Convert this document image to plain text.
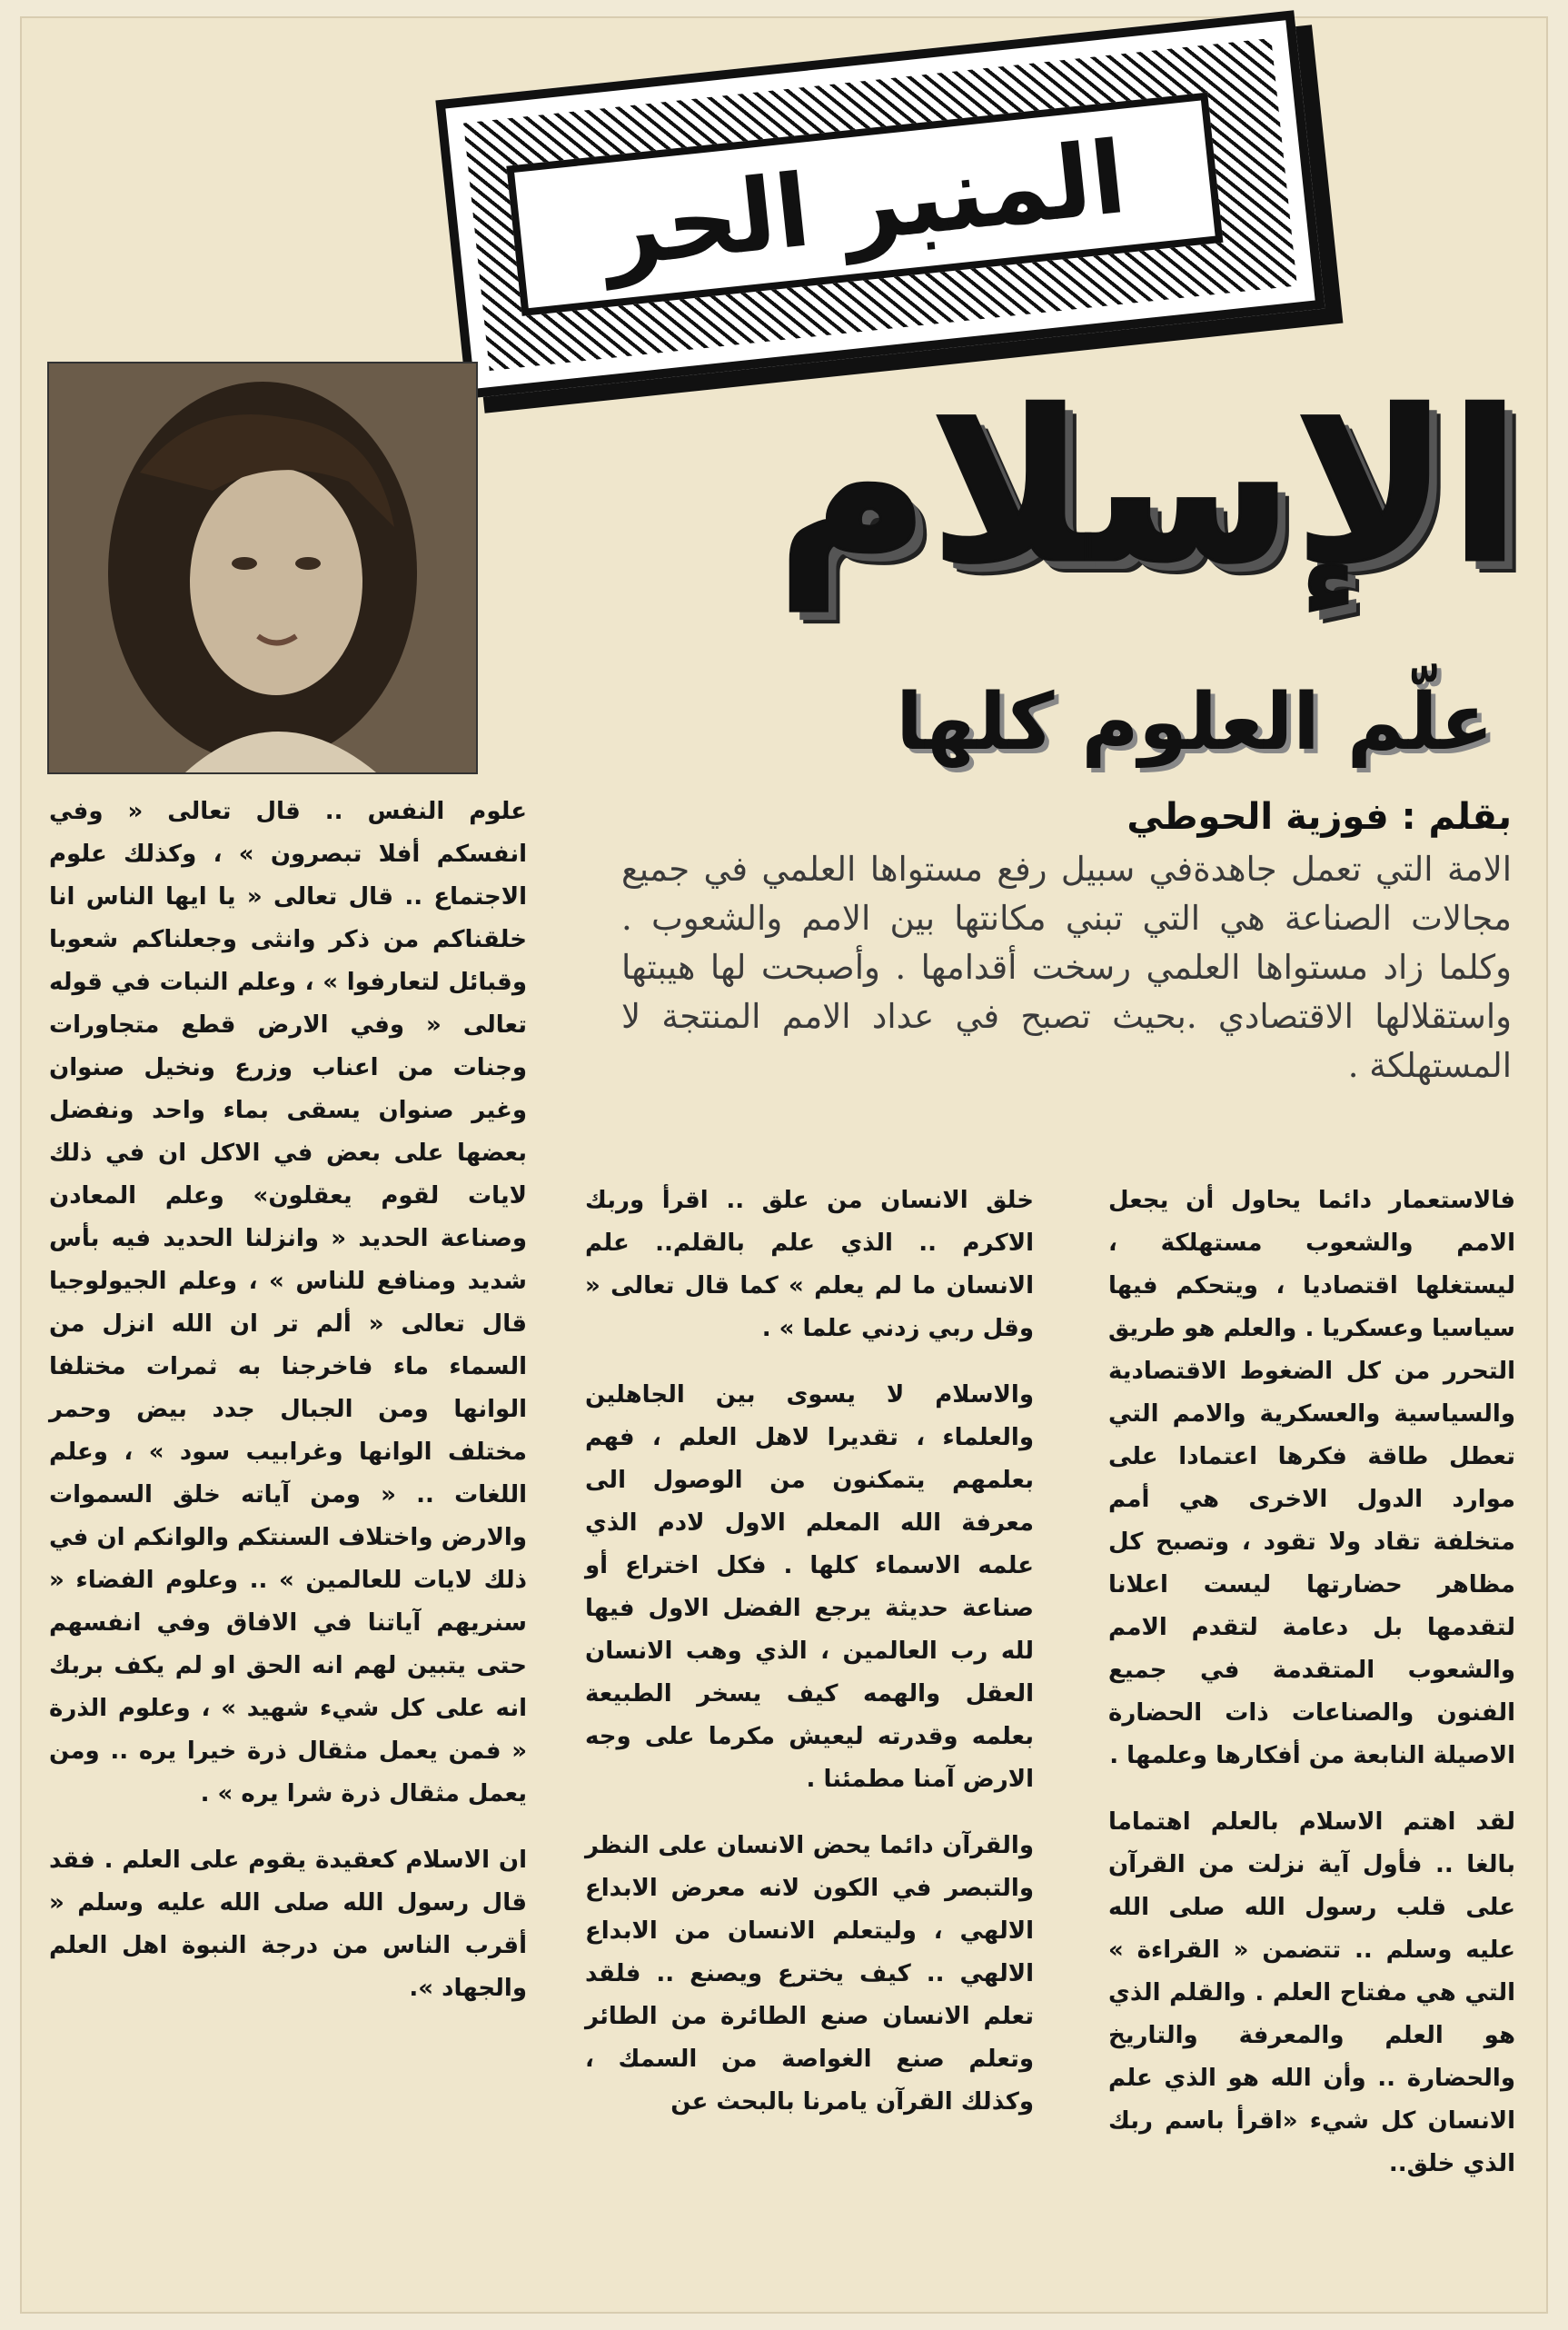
المنبر الحر
الإسلام
علّم العلوم كلها
بقلم : فوزية الحوطي
الامة التي تعمل جاهدةفي سبيل رفع مستواها العلمي في جميع مجالات الصناعة هي التي تبني مكانتها بين الامم والشعوب . وكلما زاد مستواها العلمي رسخت أقدامها . وأصبحت لها هيبتها واستقلالها الاقتصادي .بحيث تصبح في عداد الامم المنتجة لا المستهلكة .

فالاستعمار دائما يحاول أن يجعل الامم والشعوب مستهلكة ، ليستغلها اقتصاديا ، ويتحكم فيها سياسيا وعسكريا . والعلم هو طريق التحرر من كل الضغوط الاقتصادية والسياسية والعسكرية والامم التي تعطل طاقة فكرها اعتمادا على موارد الدول الاخرى هي أمم متخلفة تقاد ولا تقود ، وتصبح كل مظاهر حضارتها ليست اعلانا لتقدمها بل دعامة لتقدم الامم والشعوب المتقدمة في جميع الفنون والصناعات ذات الحضارة الاصيلة النابعة من أفكارها وعلمها .

لقد اهتم الاسلام بالعلم اهتماما بالغا .. فأول آية نزلت من القرآن على قلب رسول الله صلى الله عليه وسلم .. تتضمن « القراءة » التي هي مفتاح العلم . والقلم الذي هو العلم والمعرفة والتاريخ والحضارة .. وأن الله هو الذي علم الانسان كل شيء «اقرأ باسم ربك الذي خلق..

خلق الانسان من علق .. اقرأ وربك الاكرم .. الذي علم بالقلم.. علم الانسان ما لم يعلم » كما قال تعالى « وقل ربي زدني علما » .

والاسلام لا يسوى بين الجاهلين والعلماء ، تقديرا لاهل العلم ، فهم بعلمهم يتمكنون من الوصول الى معرفة الله المعلم الاول لادم الذي علمه الاسماء كلها . فكل اختراع أو صناعة حديثة يرجع الفضل الاول فيها لله رب العالمين ، الذي وهب الانسان العقل والهمه كيف يسخر الطبيعة بعلمه وقدرته ليعيش مكرما على وجه الارض آمنا مطمئنا .

والقرآن دائما يحض الانسان على النظر والتبصر في الكون لانه معرض الابداع الالهي ، وليتعلم الانسان من الابداع الالهي .. كيف يخترع ويصنع .. فلقد تعلم الانسان صنع الطائرة من الطائر وتعلم صنع الغواصة من السمك ، وكذلك القرآن يامرنا بالبحث عن

علوم النفس .. قال تعالى « وفي انفسكم أفلا تبصرون » ، وكذلك علوم الاجتماع .. قال تعالى « يا ايها الناس انا خلقناكم من ذكر وانثى وجعلناكم شعوبا وقبائل لتعارفوا » ، وعلم النبات في قوله تعالى « وفي الارض قطع متجاورات وجنات من اعناب وزرع ونخيل صنوان وغير صنوان يسقى بماء واحد ونفضل بعضها على بعض في الاكل ان في ذلك لايات لقوم يعقلون» وعلم المعادن وصناعة الحديد « وانزلنا الحديد فيه بأس شديد ومنافع للناس » ، وعلم الجيولوجيا قال تعالى « ألم تر ان الله انزل من السماء ماء فاخرجنا به ثمرات مختلفا الوانها ومن الجبال جدد بيض وحمر مختلف الوانها وغرابيب سود » ، وعلم اللغات .. « ومن آياته خلق السموات والارض واختلاف السنتكم والوانكم ان في ذلك لايات للعالمين » .. وعلوم الفضاء « سنريهم آياتنا في الافاق وفي انفسهم حتى يتبين لهم انه الحق او لم يكف بربك انه على كل شيء شهيد » ، وعلوم الذرة « فمن يعمل مثقال ذرة خيرا يره .. ومن يعمل مثقال ذرة شرا يره » .

ان الاسلام كعقيدة يقوم على العلم . فقد قال رسول الله صلى الله عليه وسلم « أقرب الناس من درجة النبوة اهل العلم والجهاد ».
